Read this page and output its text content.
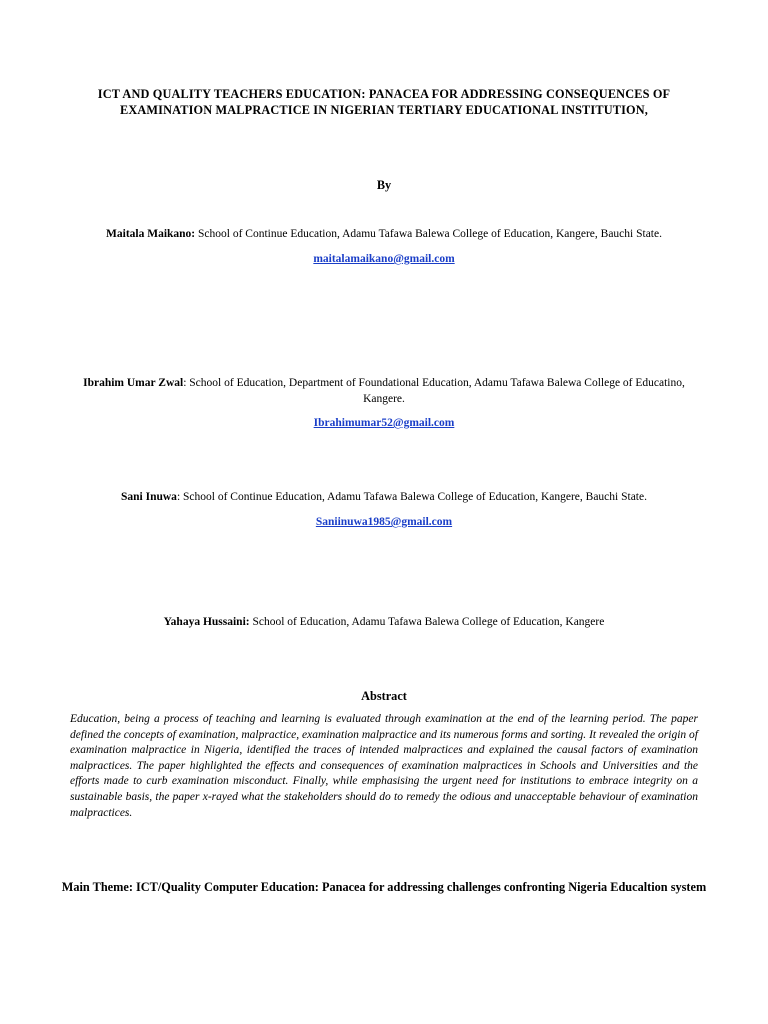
ICT AND QUALITY TEACHERS EDUCATION: PANACEA FOR ADDRESSING CONSEQUENCES OF EXAMINATION MALPRACTICE IN NIGERIAN TERTIARY EDUCATIONAL INSTITUTION,
By
Maitala Maikano: School of Continue Education, Adamu Tafawa Balewa College of Education, Kangere, Bauchi State.
maitalamaikano@gmail.com
Ibrahim Umar Zwal: School of Education, Department of Foundational Education, Adamu Tafawa Balewa College of Educatino, Kangere.
Ibrahimumar52@gmail.com
Sani Inuwa: School of Continue Education, Adamu Tafawa Balewa College of Education, Kangere, Bauchi State.
Saniinuwa1985@gmail.com
Yahaya Hussaini: School of Education, Adamu Tafawa Balewa College of Education, Kangere
Abstract
Education, being a process of teaching and learning is evaluated through examination at the end of the learning period. The paper defined the concepts of examination, malpractice, examination malpractice and its numerous forms and sorting. It revealed the origin of examination malpractice in Nigeria, identified the traces of intended malpractices and explained the causal factors of examination malpractices. The paper highlighted the effects and consequences of examination malpractices in Schools and Universities and the efforts made to curb examination misconduct. Finally, while emphasising the urgent need for institutions to embrace integrity on a sustainable basis, the paper x-rayed what the stakeholders should do to remedy the odious and unacceptable behaviour of examination malpractices.
Main Theme: ICT/Quality Computer Education: Panacea for addressing challenges confronting Nigeria Educaltion system
